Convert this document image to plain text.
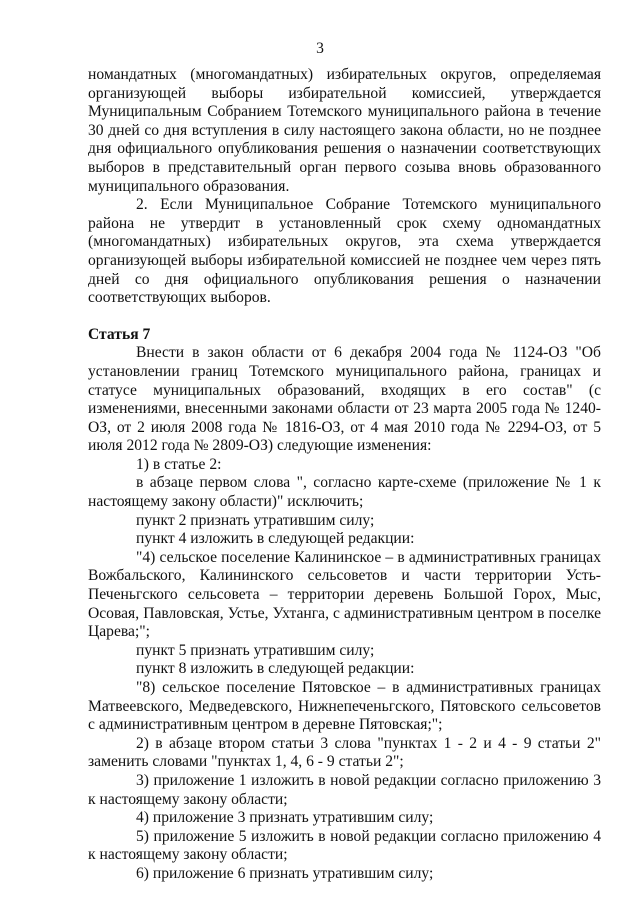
3

номандатных (многомандатных) избирательных округов, определяемая организующей выборы избирательной комиссией, утверждается Муниципальным Собранием Тотемского муниципального района в течение 30 дней со дня вступления в силу настоящего закона области, но не позднее дня официального опубликования решения о назначении соответствующих выборов в представительный орган первого созыва вновь образованного муниципального образования.

2. Если Муниципальное Собрание Тотемского муниципального района не утвердит в установленный срок схему одномандатных (многомандатных) избирательных округов, эта схема утверждается организующей выборы избирательной комиссией не позднее чем через пять дней со дня официального опубликования решения о назначении соответствующих выборов.

Статья 7

Внести в закон области от 6 декабря 2004 года № 1124-ОЗ "Об установлении границ Тотемского муниципального района, границах и статусе муниципальных образований, входящих в его состав" (с изменениями, внесенными законами области от 23 марта 2005 года № 1240-ОЗ, от 2 июля 2008 года № 1816-ОЗ, от 4 мая 2010 года № 2294-ОЗ, от 5 июля 2012 года № 2809-ОЗ) следующие изменения:

1) в статье 2:

в абзаце первом слова ", согласно карте-схеме (приложение № 1 к настоящему закону области)" исключить;

пункт 2 признать утратившим силу;

пункт 4 изложить в следующей редакции:

"4) сельское поселение Калининское – в административных границах Вожбальского, Калининского сельсоветов и части территории Усть-Печеньгского сельсовета – территории деревень Большой Горох, Мыс, Осовая, Павловская, Устье, Ухтанга, с административным центром в поселке Царева;";

пункт 5 признать утратившим силу;

пункт 8 изложить в следующей редакции:

"8) сельское поселение Пятовское – в административных границах Матвеевского, Медведевского, Нижнепеченьгского, Пятовского сельсоветов с административным центром в деревне Пятовская;";

2) в абзаце втором статьи 3 слова "пунктах 1 - 2 и 4 - 9 статьи 2" заменить словами "пунктах 1, 4, 6 - 9 статьи 2";

3) приложение 1 изложить в новой редакции согласно приложению 3 к настоящему закону области;

4) приложение 3 признать утратившим силу;

5) приложение 5 изложить в новой редакции согласно приложению 4 к настоящему закону области;

6) приложение 6 признать утратившим силу;
